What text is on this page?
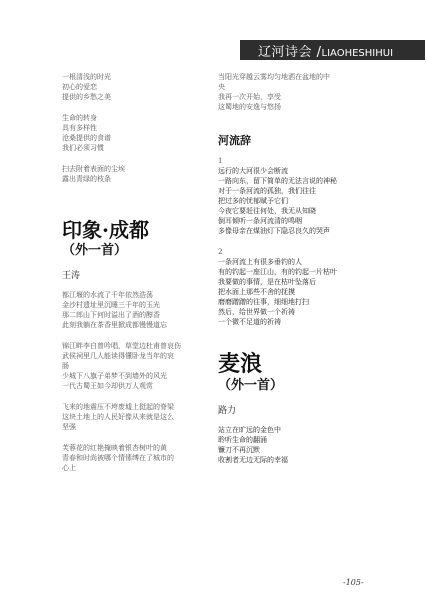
辽河诗会 /LIAOHESHIHUI
一根清浅的时光
初心的爱恋
提供的乡愁之美
生命的转身
具有多样性
沧桑提供的食谱
我们必须习惯
扫去附着表面的尘埃
露出青绿的枝条
印象·成都
（外一首）
王涛
都江堰的水流了千年依然浩荡
金沙村遗址里沉睡三千年的玉光
那二郎山下何时溢出了酒的醇香
此刻我躺在茶香里掀成都慢慢道忘
锦江畔李白曾吟唱，草堂边杜甫曾哀伤
武侯祠里几人能读得懂卧龙当年的哀
肠
少城下八旗子弟梦不到墙外的风光
一代古蜀王如今却供万人观赏
飞来的地震压不垮废墟上挺起的脊梁
这块土地上的人民好像从来就是这么
坚强
芙蓉花的红艳掩映着银杏树叶的黄
青春和时尚被哪个情愫缚在了城市的
心上
当阳光穿越云雾均匀地洒在盆地的中
央
我再一次开始，享受
这蜀地的安逸与悠扬
河流辞
1
远行的大河很少会断流
一路向东，留下简单的无法言说的神秘
对于一条河流的孤独，我们往往
把过多的忧郁赋予它们
今夜它要赶往何处，我无从知晓
倒耳倾听一条河流清的鸣咽
多像母亲在煤油灯下隐忍良久的哭声
2
一条河流上有很多垂钓的人
有的钓起一座江山，有的钓起一片枯叶
我要做的事情，是在枯叶坠落后
把水面上那些不舍的抚摸
磨磨蹭蹭的往事，细细地打扫
然后，给世界做一个祈祷
一个微不足道的祈祷
麦浪
（外一首）
路力
站立在旷远的金色中
聆听生命的翻涌
镰刀不再沉默
收割者无边无际的幸福
-105-
